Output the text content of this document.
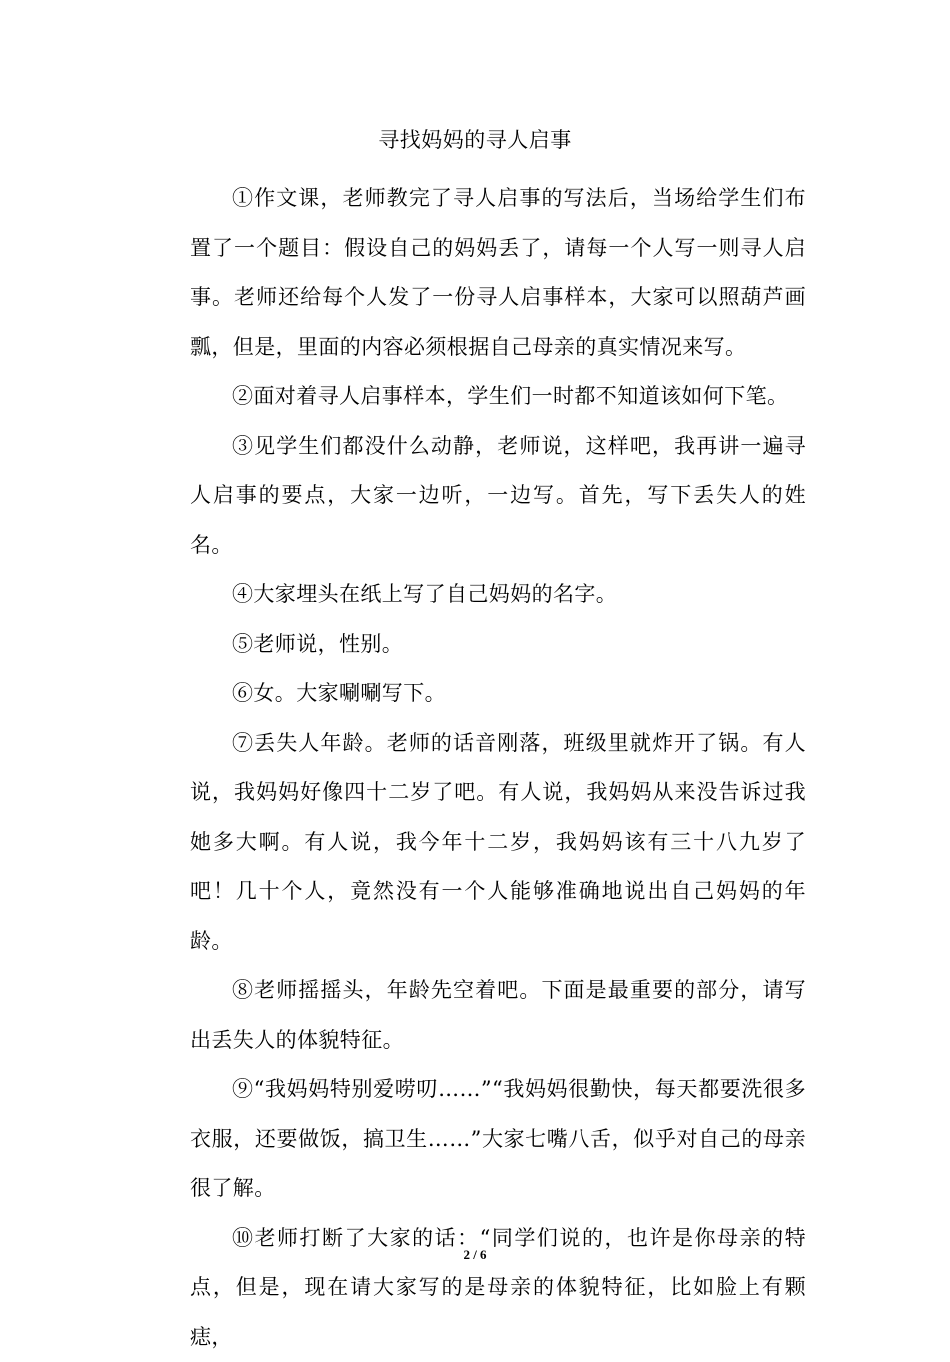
寻找妈妈的寻人启事

①作文课，老师教完了寻人启事的写法后，当场给学生们布置了一个题目：假设自己的妈妈丢了，请每一个人写一则寻人启事。老师还给每个人发了一份寻人启事样本，大家可以照葫芦画瓢，但是，里面的内容必须根据自己母亲的真实情况来写。

②面对着寻人启事样本，学生们一时都不知道该如何下笔。

③见学生们都没什么动静，老师说，这样吧，我再讲一遍寻人启事的要点，大家一边听，一边写。首先，写下丢失人的姓名。

④大家埋头在纸上写了自己妈妈的名字。

⑤老师说，性别。

⑥女。大家唰唰写下。

⑦丢失人年龄。老师的话音刚落，班级里就炸开了锅。有人说，我妈妈好像四十二岁了吧。有人说，我妈妈从来没告诉过我她多大啊。有人说，我今年十二岁，我妈妈该有三十八九岁了吧！几十个人，竟然没有一个人能够准确地说出自己妈妈的年龄。

⑧老师摇摇头，年龄先空着吧。下面是最重要的部分，请写出丢失人的体貌特征。

⑨“我妈妈特别爱唠叨……”“我妈妈很勤快，每天都要洗很多衣服，还要做饭，搞卫生……”大家七嘴八舌，似乎对自己的母亲很了解。

⑩老师打断了大家的话：“同学们说的，也许是你母亲的特点，但是，现在请大家写的是母亲的体貌特征，比如脸上有颗痣，

2 / 6
